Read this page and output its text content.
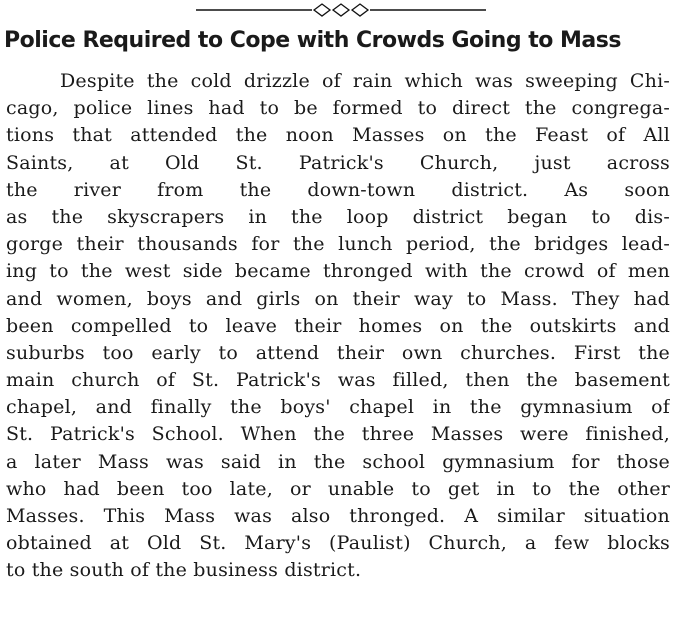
Police Required to Cope with Crowds Going to Mass
Despite the cold drizzle of rain which was sweeping Chi-
cago, police lines had to be formed to direct the congrega-
tions that attended the noon Masses on the Feast of All
Saints, at Old St. Patrick's Church, just across
the river from the down-town district. As soon
as the skyscrapers in the loop district began to dis-
gorge their thousands for the lunch period, the bridges lead-
ing to the west side became thronged with the crowd of men
and women, boys and girls on their way to Mass. They had
been compelled to leave their homes on the outskirts and
suburbs too early to attend their own churches. First the
main church of St. Patrick's was filled, then the basement
chapel, and finally the boys' chapel in the gymnasium of
St. Patrick's School. When the three Masses were finished,
a later Mass was said in the school gymnasium for those
who had been too late, or unable to get in to the other
Masses. This Mass was also thronged. A similar situation
obtained at Old St. Mary's (Paulist) Church, a few blocks
to the south of the business district.
